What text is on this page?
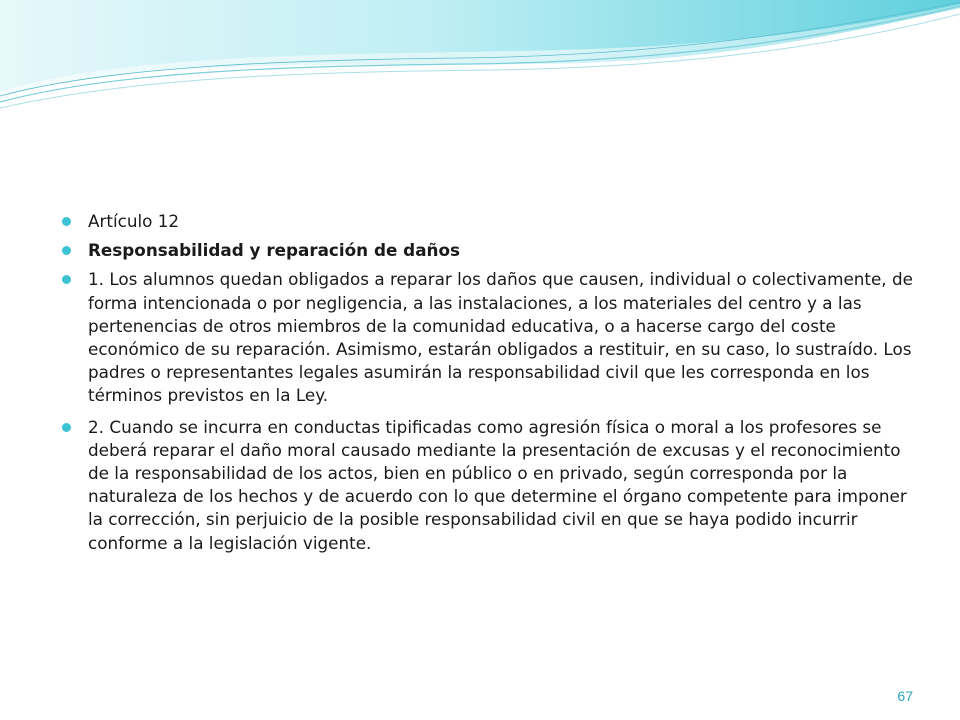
Artículo 12
Responsabilidad y reparación de daños
1. Los alumnos quedan obligados a reparar los daños que causen, individual o colectivamente, de forma intencionada o por negligencia, a las instalaciones, a los materiales del centro y a las pertenencias de otros miembros de la comunidad educativa, o a hacerse cargo del coste económico de su reparación. Asimismo, estarán obligados a restituir, en su caso, lo sustraído. Los padres o representantes legales asumirán la responsabilidad civil que les corresponda en los términos previstos en la Ley.
2. Cuando se incurra en conductas tipificadas como agresión física o moral a los profesores se deberá reparar el daño moral causado mediante la presentación de excusas y el reconocimiento de la responsabilidad de los actos, bien en público o en privado, según corresponda por la naturaleza de los hechos y de acuerdo con lo que determine el órgano competente para imponer la corrección, sin perjuicio de la posible responsabilidad civil en que se haya podido incurrir conforme a la legislación vigente.
67
